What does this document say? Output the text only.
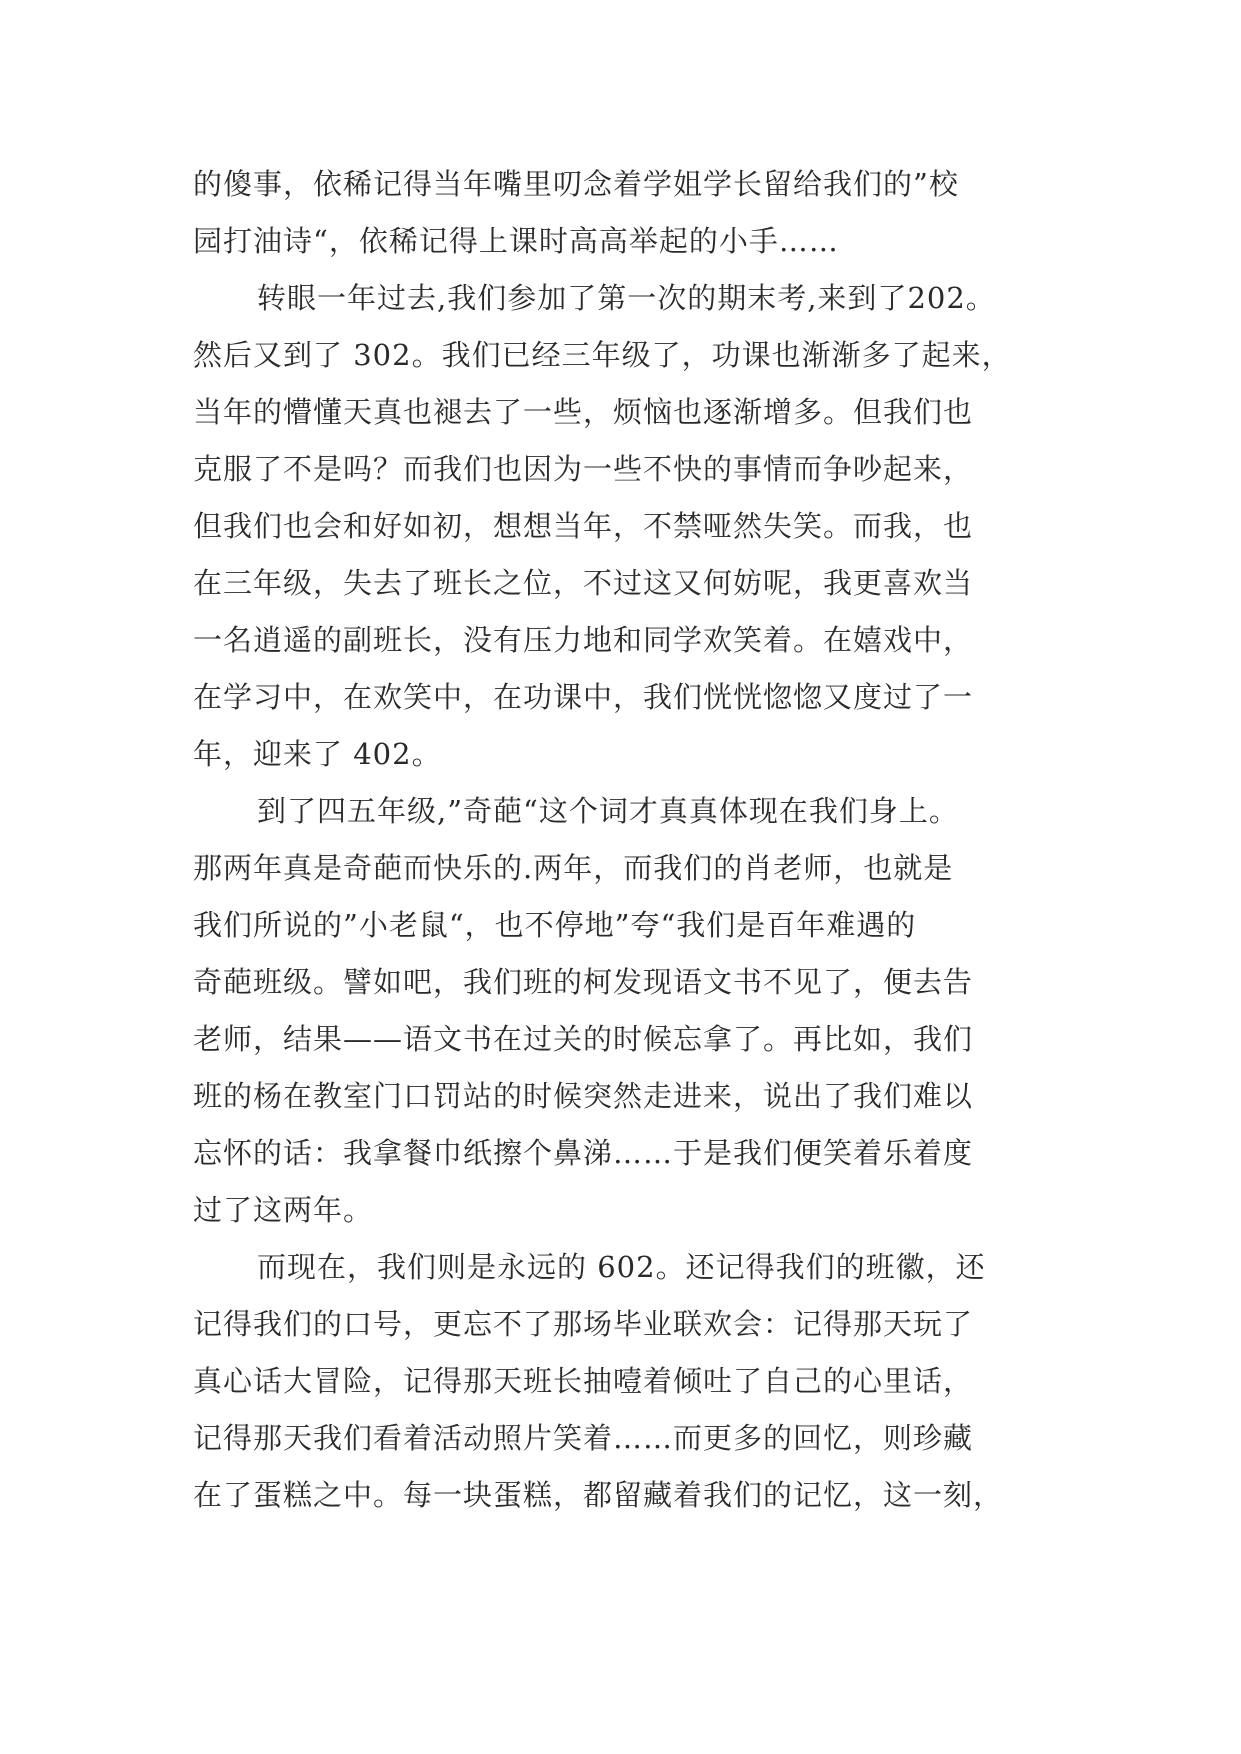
的傻事，依稀记得当年嘴里叨念着学姐学长留给我们的”校
园打油诗“，依稀记得上课时高高举起的小手……
转眼一年过去,我们参加了第一次的期末考,来到了202。
然后又到了 302。我们已经三年级了，功课也渐渐多了起来，
当年的懵懂天真也褪去了一些，烦恼也逐渐增多。但我们也
克服了不是吗？而我们也因为一些不快的事情而争吵起来，
但我们也会和好如初，想想当年，不禁哑然失笑。而我，也
在三年级，失去了班长之位，不过这又何妨呢，我更喜欢当
一名逍遥的副班长，没有压力地和同学欢笑着。在嬉戏中，
在学习中，在欢笑中，在功课中，我们恍恍惚惚又度过了一
年，迎来了 402。
到了四五年级,”奇葩“这个词才真真体现在我们身上。
那两年真是奇葩而快乐的.两年，而我们的肖老师，也就是
我们所说的”小老鼠“，也不停地”夸“我们是百年难遇的
奇葩班级。譬如吧，我们班的柯发现语文书不见了，便去告
老师，结果——语文书在过关的时候忘拿了。再比如，我们
班的杨在教室门口罚站的时候突然走进来，说出了我们难以
忘怀的话：我拿餐巾纸擦个鼻涕……于是我们便笑着乐着度
过了这两年。
而现在，我们则是永远的 602。还记得我们的班徽，还
记得我们的口号，更忘不了那场毕业联欢会：记得那天玩了
真心话大冒险，记得那天班长抽噎着倾吐了自己的心里话，
记得那天我们看着活动照片笑着……而更多的回忆，则珍藏
在了蛋糕之中。每一块蛋糕，都留藏着我们的记忆，这一刻，
